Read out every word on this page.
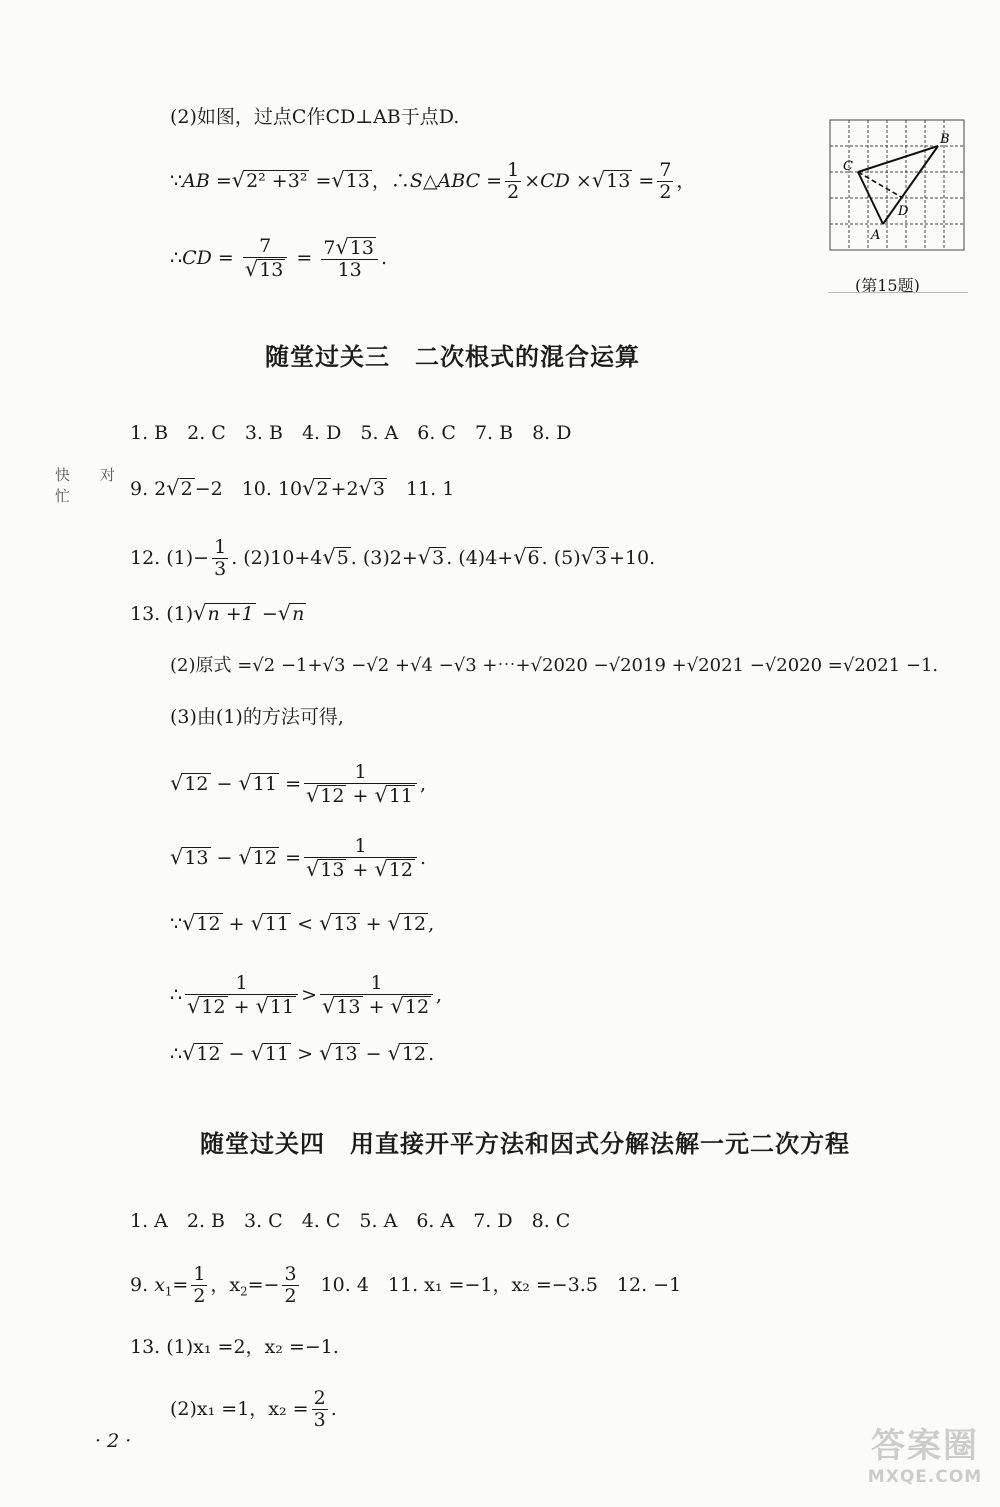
(2)如图，过点C作CD⊥AB于点D.
∵AB =√2² +3² =√13 ，∴S△ABC = $\frac{1}{2} \times CD \times√13 = \frac{7}{2}$ ，
∴CD = $\frac{7}{√13} = \frac{7√13}{13}$ .
B
C
D
A
(第15题)
随堂过关三　二次根式的混合运算
1. B　2. C　3. B　4. D　5. A　6. C　7. B　8. D
快　　对
忙	9. 2√2 −2　10. 10√2 +2√3　11. 1
12. $(1)- \frac{1}{3}$ . (2)10+4√5 . (3)2+√3 . (4)4+√6 . (5)√3 +10.
13. (1)√n +1 −√n
(2)原式 =√2 −1+√3 −√2 +√4 −√3 +⋯+√2020 −√2019 +√2021 −√2020 =√2021 −1.
(3)由(1)的方法可得,
$√12 - √11 = \frac{1}{√12 + √11}$ ,
$√13 - √12 = \frac{1}{√13 + √12}$ .
∵√12 + √11 < √13 + √12 ,
∴ $\frac{1}{√12 + √11} > \frac{1}{√13 + √12}$ ,
∴√12 − √11 > √13 − √12 .
随堂过关四　用直接开平方法和因式分解法解一元二次方程
1. A　2. B　3. C　4. C　5. A　6. A　7. D　8. C
9. $x_1= \frac{1}{2}$ ，$x_2=- \frac{3}{2}$ 　10. 4　11. x₁ =−1，x₂ =−3.5　12. −1
13. (1)x₁ =2，x₂ =−1.
(2)x₁ =1，$x_2 = \frac{2}{3}$ .
· 2 ·	答案圈
MXQE.COM
